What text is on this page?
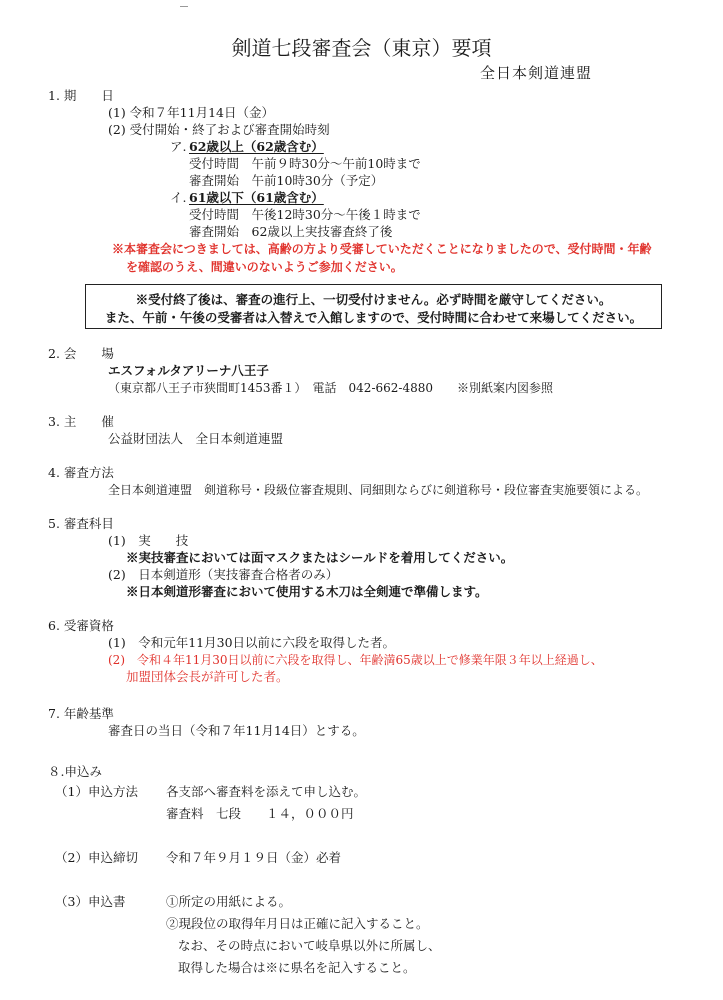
剣道七段審査会（東京）要項
全日本剣道連盟
1. 期　　日
(1) 令和７年11月14日（金）
(2) 受付開始・終了および審査開始時刻
ア. 62歳以上（62歳含む）
受付時間　午前９時30分～午前10時まで
審査開始　午前10時30分（予定）
イ. 61歳以下（61歳含む）
受付時間　午後12時30分～午後１時まで
審査開始　62歳以上実技審査終了後
※本審査会につきましては、高齢の方より受審していただくことになりましたので、受付時間・年齢
を確認のうえ、間違いのないようご参加ください。
※受付終了後は、審査の進行上、一切受付けません。必ず時間を厳守してください。
また、午前・午後の受審者は入替えで入館しますので、受付時間に合わせて来場してください。
2. 会　　場
エスフォルタアリーナ八王子
（東京都八王子市狭間町1453番１）　電話　042-662-4880　　※別紙案内図参照
3. 主　　催
公益財団法人　全日本剣道連盟
4. 審査方法
全日本剣道連盟　剣道称号・段級位審査規則、同細則ならびに剣道称号・段位審査実施要領による。
5. 審査科目
(1)　実　　技
※実技審査においては面マスクまたはシールドを着用してください。
(2)　日本剣道形（実技審査合格者のみ）
※日本剣道形審査において使用する木刀は全剣連で準備します。
6. 受審資格
(1)　令和元年11月30日以前に六段を取得した者。
(2)　令和４年11月30日以前に六段を取得し、年齢満65歳以上で修業年限３年以上経過し、
加盟団体会長が許可した者。
7. 年齢基準
審査日の当日（令和７年11月14日）とする。
８.申込み
（1）申込方法 各支部へ審査料を添えて申し込む。
審査料　七段　　１４，０００円
（2）申込締切 令和７年９月１９日（金）必着
（3）申込書	①所定の用紙による。
②現段位の取得年月日は正確に記入すること。
なお、その時点において岐阜県以外に所属し、
取得した場合は※に県名を記入すること。
